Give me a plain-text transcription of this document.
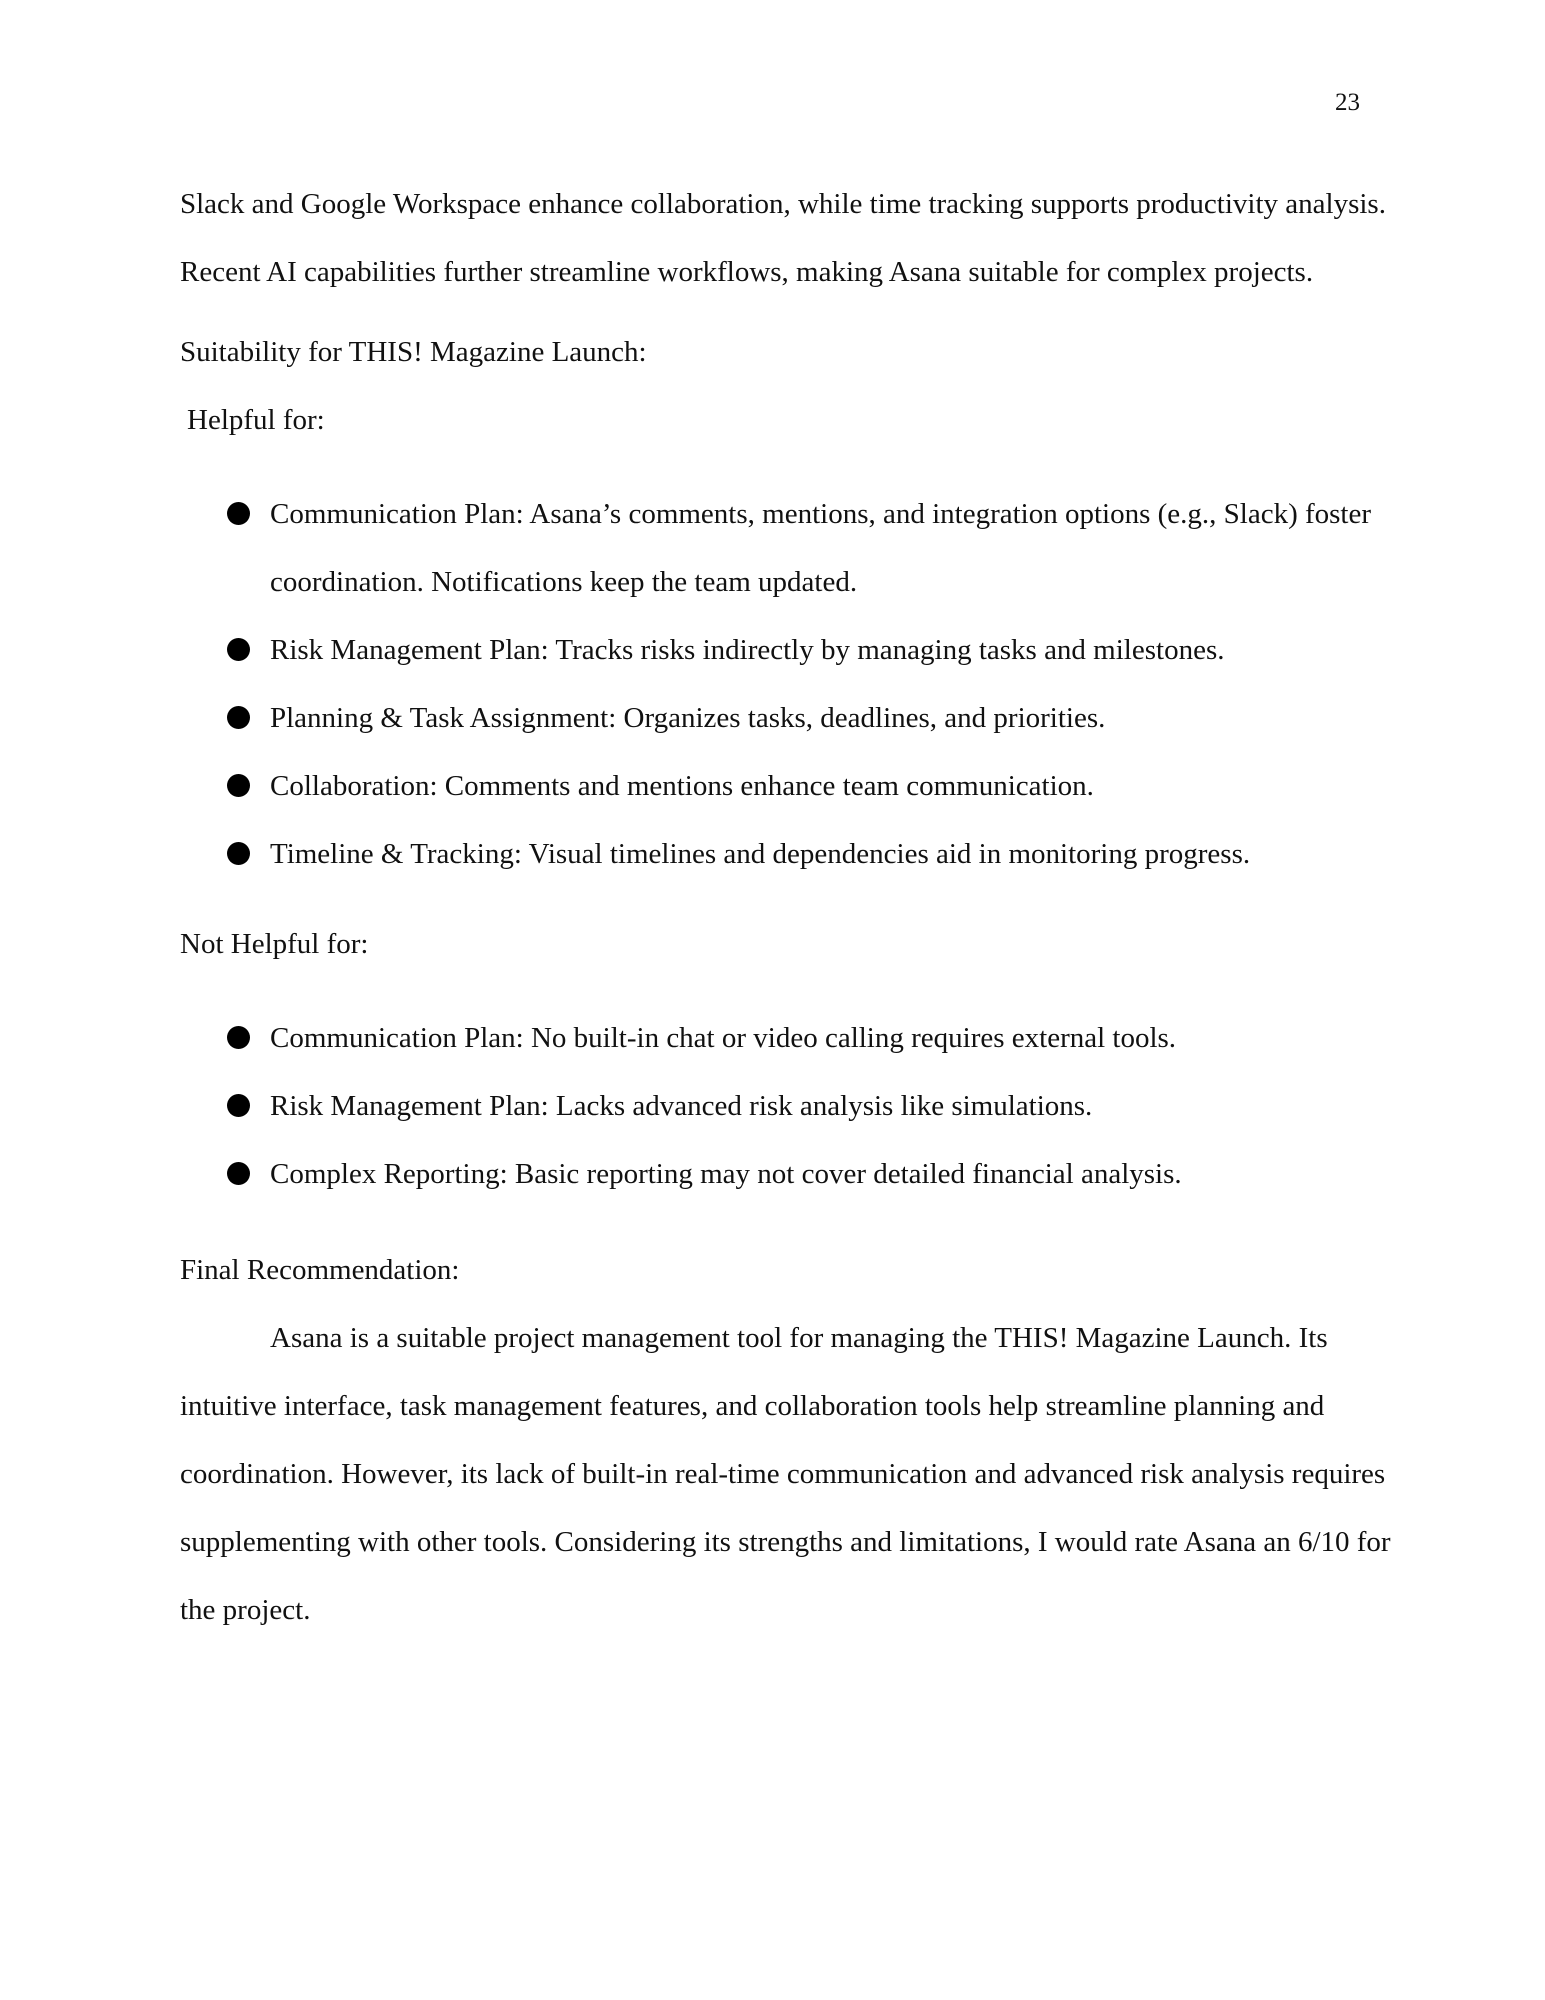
23

Slack and Google Workspace enhance collaboration, while time tracking supports productivity analysis. Recent AI capabilities further streamline workflows, making Asana suitable for complex projects.

Suitability for THIS! Magazine Launch:

Helpful for:

Communication Plan: Asana’s comments, mentions, and integration options (e.g., Slack) foster coordination. Notifications keep the team updated.
Risk Management Plan: Tracks risks indirectly by managing tasks and milestones.
Planning & Task Assignment: Organizes tasks, deadlines, and priorities.
Collaboration: Comments and mentions enhance team communication.
Timeline & Tracking: Visual timelines and dependencies aid in monitoring progress.

Not Helpful for:

Communication Plan: No built-in chat or video calling requires external tools.
Risk Management Plan: Lacks advanced risk analysis like simulations.
Complex Reporting: Basic reporting may not cover detailed financial analysis.

Final Recommendation:

Asana is a suitable project management tool for managing the THIS! Magazine Launch. Its intuitive interface, task management features, and collaboration tools help streamline planning and coordination. However, its lack of built-in real-time communication and advanced risk analysis requires supplementing with other tools. Considering its strengths and limitations, I would rate Asana an 6/10 for the project.
